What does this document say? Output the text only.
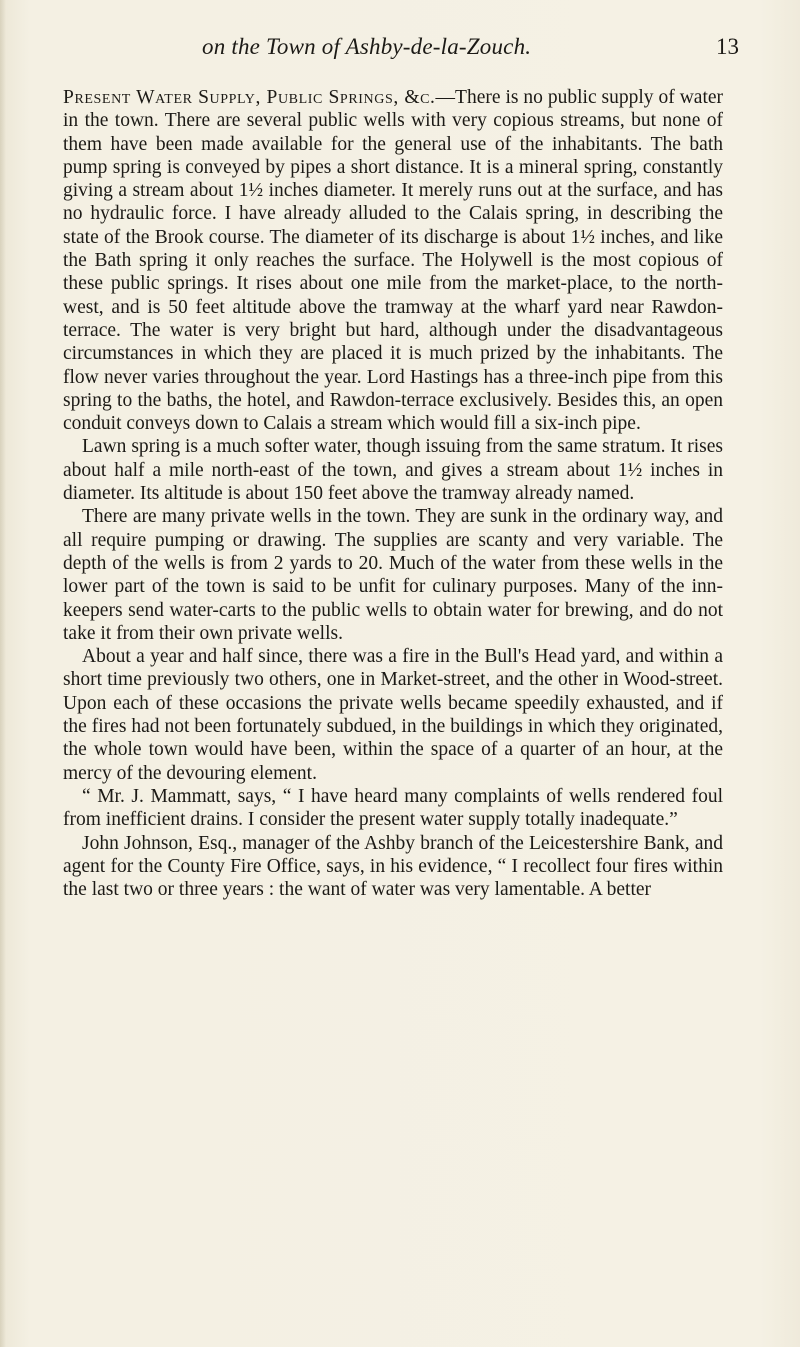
on the Town of Ashby-de-la-Zouch.	13

Present Water Supply, Public Springs, &c.—There is no public supply of water in the town. There are several public wells with very copious streams, but none of them have been made available for the general use of the inhabitants. The bath pump spring is conveyed by pipes a short distance. It is a mineral spring, constantly giving a stream about 1½ inches diameter. It merely runs out at the surface, and has no hydraulic force. I have already alluded to the Calais spring, in describing the state of the Brook course. The diameter of its discharge is about 1½ inches, and like the Bath spring it only reaches the surface. The Holywell is the most copious of these public springs. It rises about one mile from the market-place, to the north-west, and is 50 feet altitude above the tramway at the wharf yard near Rawdon-terrace. The water is very bright but hard, although under the disadvantageous circumstances in which they are placed it is much prized by the inhabitants. The flow never varies throughout the year. Lord Hastings has a three-inch pipe from this spring to the baths, the hotel, and Rawdon-terrace exclusively. Besides this, an open conduit conveys down to Calais a stream which would fill a six-inch pipe.

Lawn spring is a much softer water, though issuing from the same stratum. It rises about half a mile north-east of the town, and gives a stream about 1½ inches in diameter. Its altitude is about 150 feet above the tramway already named.

There are many private wells in the town. They are sunk in the ordinary way, and all require pumping or drawing. The supplies are scanty and very variable. The depth of the wells is from 2 yards to 20. Much of the water from these wells in the lower part of the town is said to be unfit for culinary purposes. Many of the inn-keepers send water-carts to the public wells to obtain water for brewing, and do not take it from their own private wells.

About a year and half since, there was a fire in the Bull's Head yard, and within a short time previously two others, one in Market-street, and the other in Wood-street. Upon each of these occasions the private wells became speedily exhausted, and if the fires had not been fortunately subdued, in the buildings in which they originated, the whole town would have been, within the space of a quarter of an hour, at the mercy of the devouring element.

“ Mr. J. Mammatt, says, “ I have heard many complaints of wells rendered foul from inefficient drains. I consider the present water supply totally inadequate.”

John Johnson, Esq., manager of the Ashby branch of the Leicestershire Bank, and agent for the County Fire Office, says, in his evidence, “ I recollect four fires within the last two or three years : the want of water was very lamentable. A better
